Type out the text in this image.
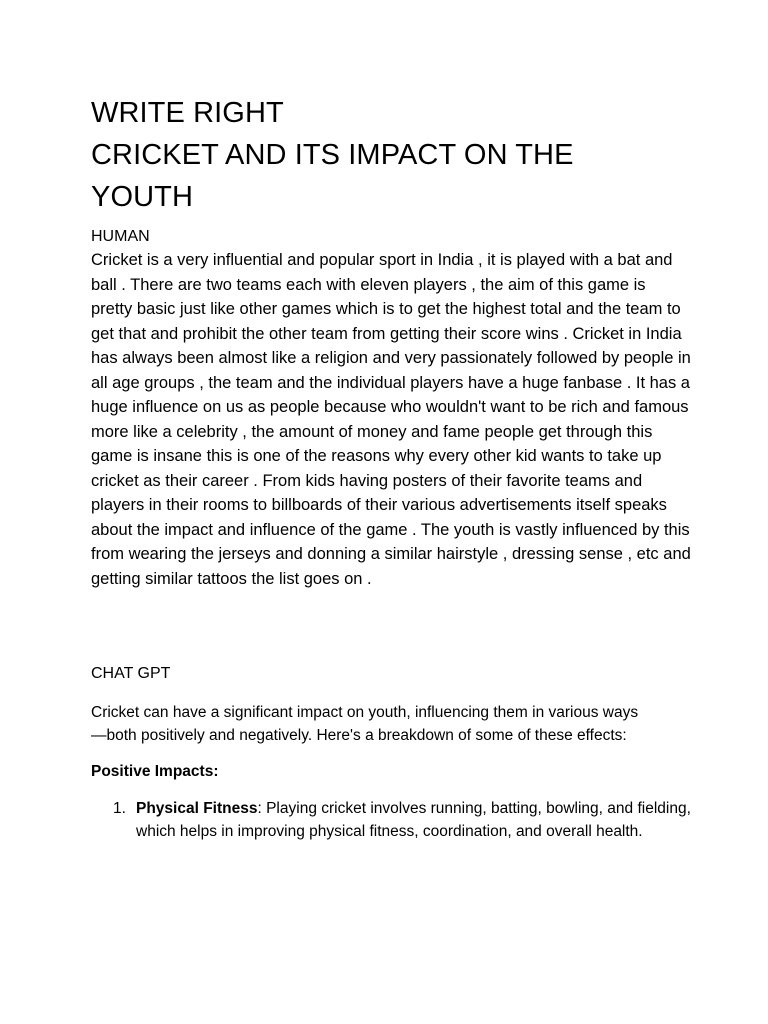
WRITE RIGHT
CRICKET AND ITS IMPACT ON THE
YOUTH

HUMAN

Cricket is a very influential and popular sport in India , it is played with a bat and ball . There are two teams each with eleven players , the aim of this game is pretty basic just like other games which is to get the highest total and the team to get that and prohibit the other team from getting their score wins . Cricket in India has always been almost like a religion and very passionately followed by people in all age groups , the team and the individual players have a huge fanbase . It has a huge influence on us as people because who wouldn't want to be rich and famous more like a celebrity , the amount of money and fame people get through this game is insane this is one of the reasons why every other kid wants to take up cricket as their career . From kids having posters of their favorite teams and players in their rooms to billboards of their various advertisements itself speaks about the impact and influence of the game . The youth is vastly influenced by this from wearing the jerseys and donning a similar hairstyle , dressing sense , etc and getting similar tattoos the list goes on .

CHAT GPT

Cricket can have a significant impact on youth, influencing them in various ways—both positively and negatively. Here's a breakdown of some of these effects:

Positive Impacts:

1. Physical Fitness: Playing cricket involves running, batting, bowling, and fielding, which helps in improving physical fitness, coordination, and overall health.
